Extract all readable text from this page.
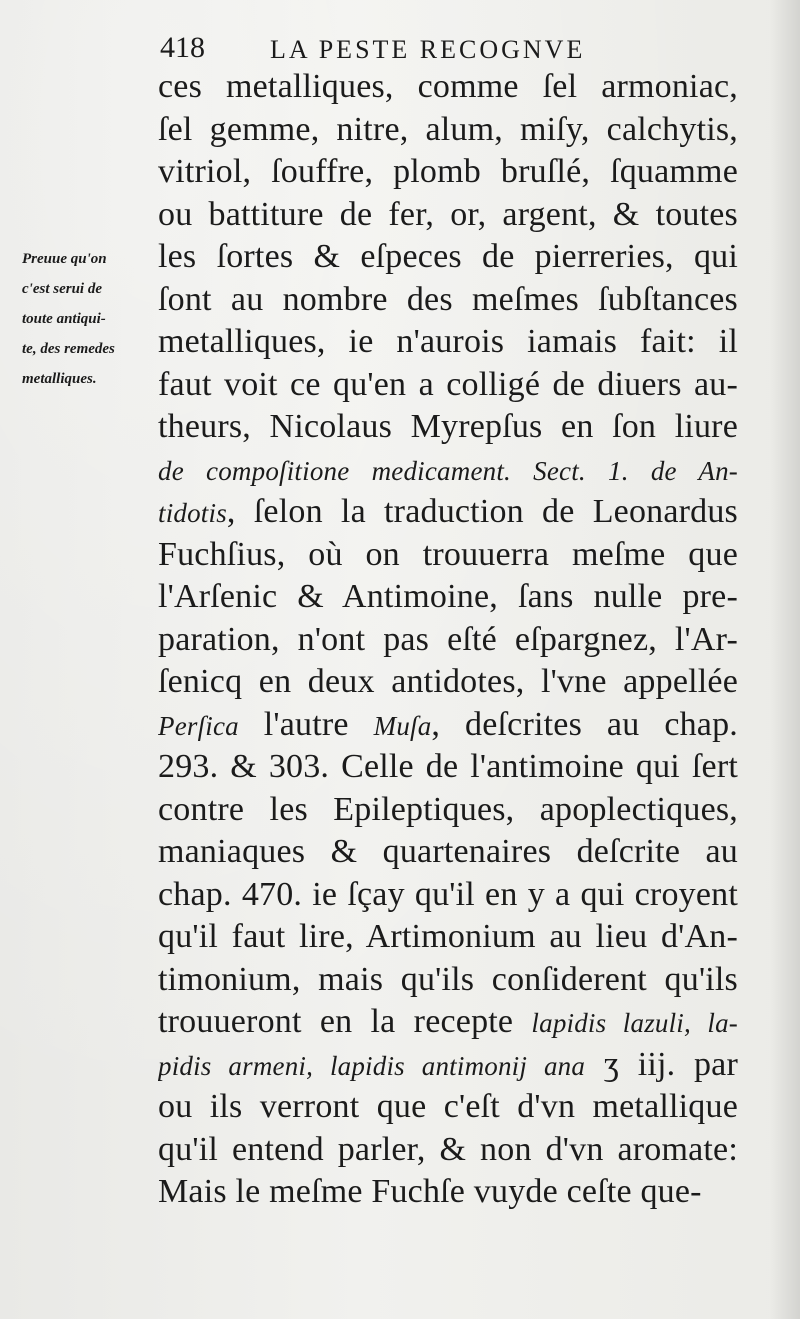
418	LA PESTE RECOGNVE
Preuue qu'on
c'est serui de
toute antiqui-
te, des remedes
metalliques.
ces metalliques, comme ſel armoniac,
ſel gemme, nitre, alum, miſy, calchytis,
vitriol, ſouffre, plomb bruſlé, ſquamme
ou battiture de fer, or, argent, & toutes
les ſortes & eſpeces de pierreries, qui
ſont au nombre des meſmes ſubſtances
metalliques, ie n'aurois iamais fait: il
faut voit ce qu'en a colligé de diuers au-
theurs, Nicolaus Myrepſus en ſon liure
de compoſitione medicament. Sect. 1. de An-
tidotis, ſelon la traduction de Leonardus
Fuchſius, où on trouuerra meſme que
l'Arſenic & Antimoine, ſans nulle pre-
paration, n'ont pas eſté eſpargnez, l'Ar-
ſenicq en deux antidotes, l'vne appellée
Perſica l'autre Muſa, deſcrites au chap.
293. & 303. Celle de l'antimoine qui ſert
contre les Epileptiques, apoplectiques,
maniaques & quartenaires deſcrite au
chap. 470. ie ſçay qu'il en y a qui croyent
qu'il faut lire, Artimonium au lieu d'An-
timonium, mais qu'ils conſiderent qu'ils
trouueront en la recepte lapidis lazuli, la-
pidis armeni, lapidis antimonij ana ʒ iij. par
ou ils verront que c'eſt d'vn metallique
qu'il entend parler, & non d'vn aromate:
Mais le meſme Fuchſe vuyde ceſte que-
